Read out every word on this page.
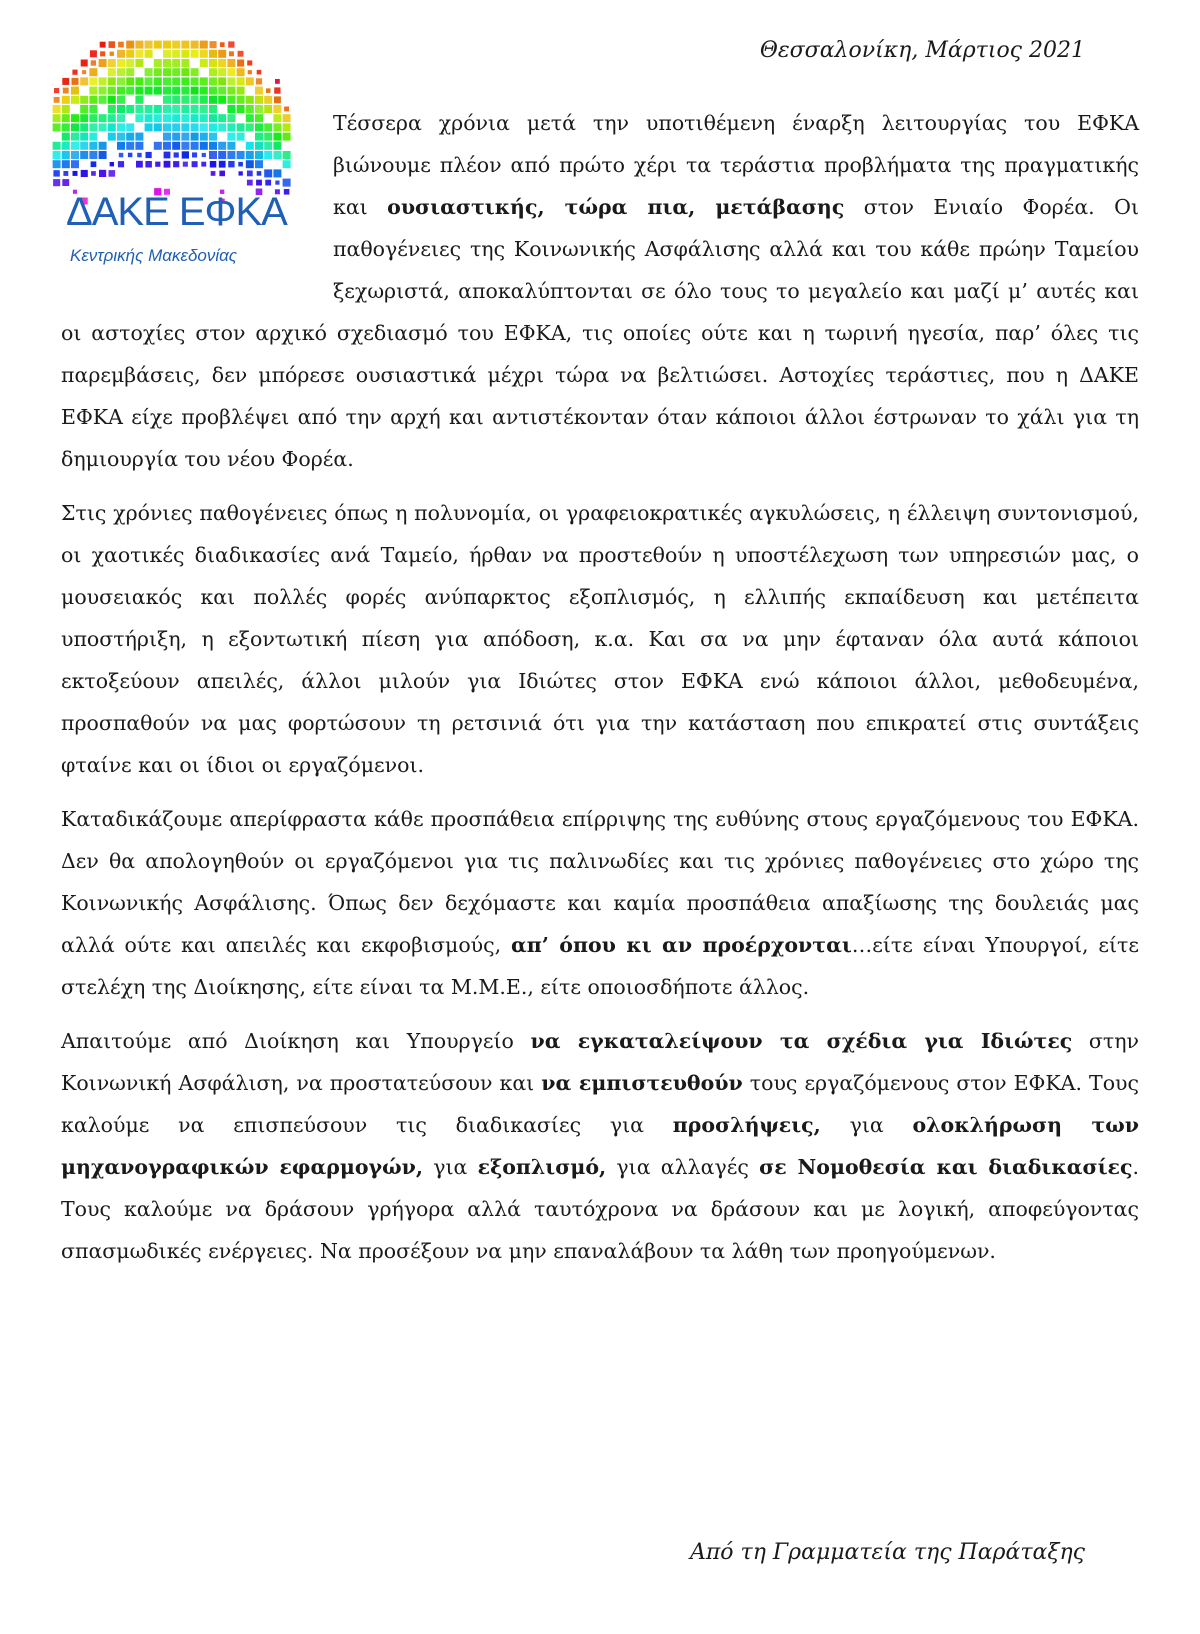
Θεσσαλονίκη, Μάρτιος 2021
ΔΑΚΕ ΕΦΚΑ
Κεντρικής Μακεδονίας

Τέσσερα χρόνια μετά την υποτιθέμενη έναρξη λειτουργίας του ΕΦΚΑ βιώνουμε πλέον από πρώτο χέρι τα τεράστια προβλήματα της πραγματικής και ουσιαστικής, τώρα πια, μετάβασης στον Ενιαίο Φορέα. Οι παθογένειες της Κοινωνικής Ασφάλισης αλλά και του κάθε πρώην Ταμείου ξεχωριστά, αποκαλύπτονται σε όλο τους το μεγαλείο και μαζί μ’ αυτές και οι αστοχίες στον αρχικό σχεδιασμό του ΕΦΚΑ, τις οποίες ούτε και η τωρινή ηγεσία, παρ’ όλες τις παρεμβάσεις, δεν μπόρεσε ουσιαστικά μέχρι τώρα να βελτιώσει. Αστοχίες τεράστιες, που η ΔΑΚΕ ΕΦΚΑ είχε προβλέψει από την αρχή και αντιστέκονταν όταν κάποιοι άλλοι έστρωναν το χάλι για τη δημιουργία του νέου Φορέα.

Στις χρόνιες παθογένειες όπως η πολυνομία, οι γραφειοκρατικές αγκυλώσεις, η έλλειψη συντονισμού, οι χαοτικές διαδικασίες ανά Ταμείο, ήρθαν να προστεθούν η υποστέλεχωση των υπηρεσιών μας, ο μουσειακός και πολλές φορές ανύπαρκτος εξοπλισμός, η ελλιπής εκπαίδευση και μετέπειτα υποστήριξη, η εξοντωτική πίεση για απόδοση, κ.α. Και σα να μην έφταναν όλα αυτά κάποιοι εκτοξεύουν απειλές, άλλοι μιλούν για Ιδιώτες στον ΕΦΚΑ ενώ κάποιοι άλλοι, μεθοδευμένα, προσπαθούν να μας φορτώσουν τη ρετσινιά ότι για την κατάσταση που επικρατεί στις συντάξεις φταίνε και οι ίδιοι οι εργαζόμενοι.

Καταδικάζουμε απερίφραστα κάθε προσπάθεια επίρριψης της ευθύνης στους εργαζόμενους του ΕΦΚΑ. Δεν θα απολογηθούν οι εργαζόμενοι για τις παλινωδίες και τις χρόνιες παθογένειες στο χώρο της Κοινωνικής Ασφάλισης. Όπως δεν δεχόμαστε και καμία προσπάθεια απαξίωσης της δουλειάς μας αλλά ούτε και απειλές και εκφοβισμούς, απ’ όπου κι αν προέρχονται…είτε είναι Υπουργοί, είτε στελέχη της Διοίκησης, είτε είναι τα Μ.Μ.Ε., είτε οποιοσδήποτε άλλος.

Απαιτούμε από Διοίκηση και Υπουργείο να εγκαταλείψουν τα σχέδια για Ιδιώτες στην Κοινωνική Ασφάλιση, να προστατεύσουν και να εμπιστευθούν τους εργαζόμενους στον ΕΦΚΑ. Τους καλούμε να επισπεύσουν τις διαδικασίες για προσλήψεις, για ολοκλήρωση των μηχανογραφικών εφαρμογών, για εξοπλισμό, για αλλαγές σε Νομοθεσία και διαδικασίες. Τους καλούμε να δράσουν γρήγορα αλλά ταυτόχρονα να δράσουν και με λογική, αποφεύγοντας σπασμωδικές ενέργειες. Να προσέξουν να μην επαναλάβουν τα λάθη των προηγούμενων.

Από τη Γραμματεία της Παράταξης
